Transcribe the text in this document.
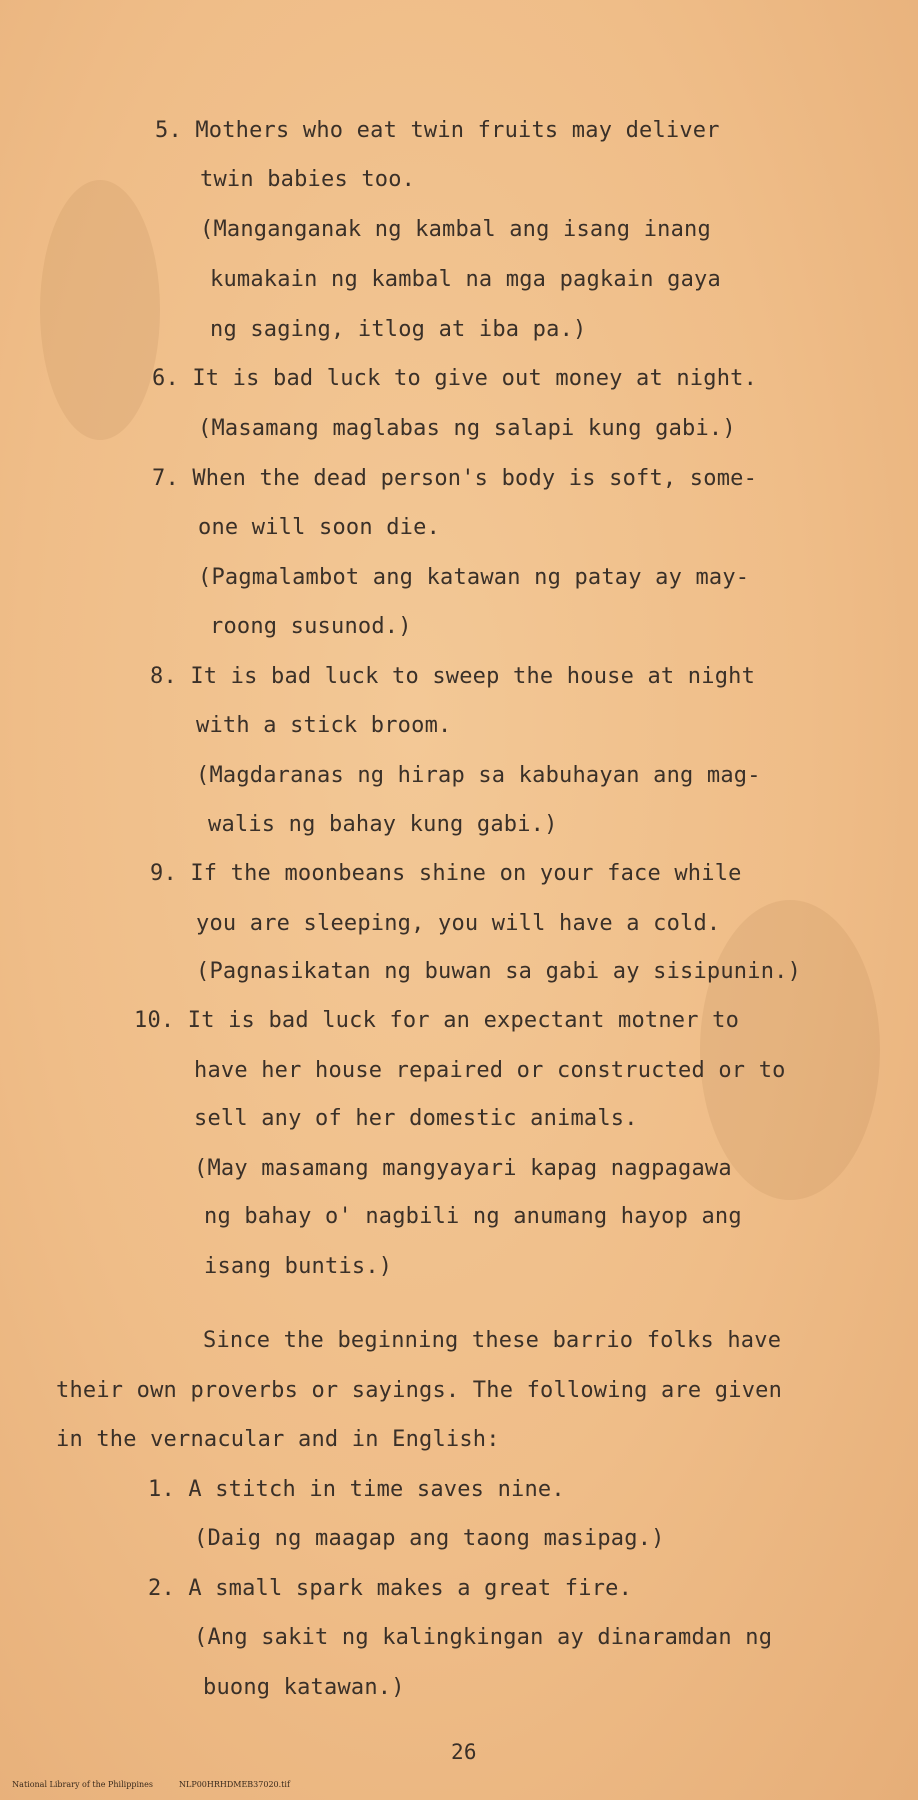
5. Mothers who eat twin fruits may deliver
twin babies too.
(Manganganak ng kambal ang isang inang
kumakain ng kambal na mga pagkain gaya
ng saging, itlog at iba pa.)
6. It is bad luck to give out money at night.
(Masamang maglabas ng salapi kung gabi.)
7. When the dead person's body is soft, some-
one will soon die.
(Pagmalambot ang katawan ng patay ay may-
roong susunod.)
8. It is bad luck to sweep the house at night
with a stick broom.
(Magdaranas ng hirap sa kabuhayan ang mag-
walis ng bahay kung gabi.)
9. If the moonbeans shine on your face while
you are sleeping, you will have a cold.
(Pagnasikatan ng buwan sa gabi ay sisipunin.)
10. It is bad luck for an expectant motner to
have her house repaired or constructed or to
sell any of her domestic animals.
(May masamang mangyayari kapag nagpagawa
ng bahay o' nagbili ng anumang hayop ang
isang buntis.)
Since the beginning these barrio folks have
their own proverbs or sayings. The following are given
in the vernacular and in English:
1. A stitch in time saves nine.
(Daig ng maagap ang taong masipag.)
2. A small spark makes a great fire.
(Ang sakit ng kalingkingan ay dinaramdan ng
buong katawan.)
26

National Library of the Philippines	NLP00HRHDMEB37020.tif
